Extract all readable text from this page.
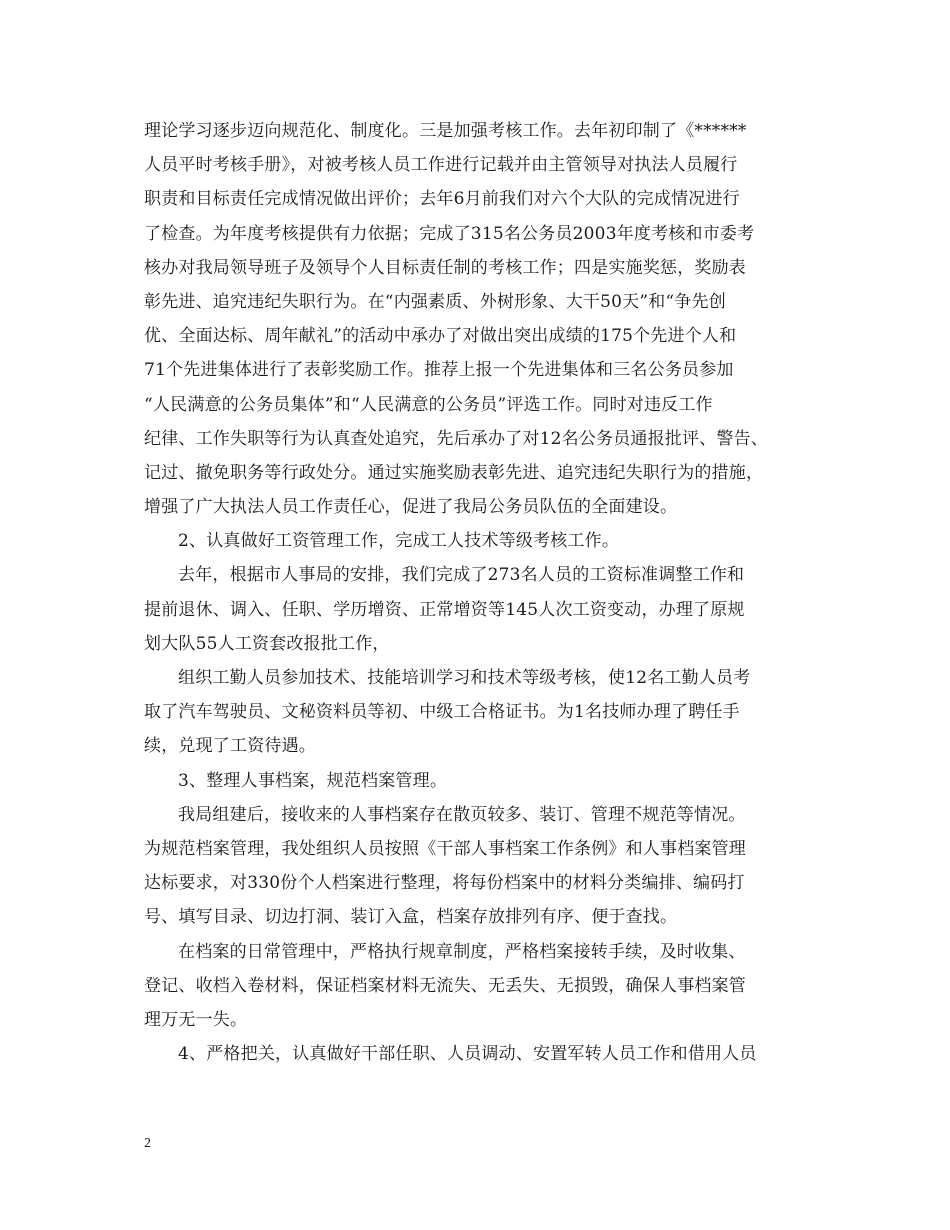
理论学习逐步迈向规范化、制度化。三是加强考核工作。去年初印制了《******
人员平时考核手册》，对被考核人员工作进行记载并由主管领导对执法人员履行
职责和目标责任完成情况做出评价；去年6月前我们对六个大队的完成情况进行
了检查。为年度考核提供有力依据；完成了315名公务员2003年度考核和市委考
核办对我局领导班子及领导个人目标责任制的考核工作；四是实施奖惩，奖励表
彰先进、追究违纪失职行为。在“内强素质、外树形象、大干50天”和“争先创
优、全面达标、周年献礼”的活动中承办了对做出突出成绩的175个先进个人和
71个先进集体进行了表彰奖励工作。推荐上报一个先进集体和三名公务员参加
“人民满意的公务员集体”和“人民满意的公务员”评选工作。同时对违反工作
纪律、工作失职等行为认真查处追究，先后承办了对12名公务员通报批评、警告、
记过、撤免职务等行政处分。通过实施奖励表彰先进、追究违纪失职行为的措施，
增强了广大执法人员工作责任心，促进了我局公务员队伍的全面建设。
2、认真做好工资管理工作，完成工人技术等级考核工作。
去年，根据市人事局的安排，我们完成了273名人员的工资标准调整工作和
提前退休、调入、任职、学历增资、正常增资等145人次工资变动，办理了原规
划大队55人工资套改报批工作，
组织工勤人员参加技术、技能培训学习和技术等级考核，使12名工勤人员考
取了汽车驾驶员、文秘资料员等初、中级工合格证书。为1名技师办理了聘任手
续，兑现了工资待遇。
3、整理人事档案，规范档案管理。
我局组建后，接收来的人事档案存在散页较多、装订、管理不规范等情况。
为规范档案管理，我处组织人员按照《干部人事档案工作条例》和人事档案管理
达标要求，对330份个人档案进行整理，将每份档案中的材料分类编排、编码打
号、填写目录、切边打洞、装订入盒，档案存放排列有序、便于查找。
在档案的日常管理中，严格执行规章制度，严格档案接转手续，及时收集、
登记、收档入卷材料，保证档案材料无流失、无丢失、无损毁，确保人事档案管
理万无一失。
4、严格把关，认真做好干部任职、人员调动、安置军转人员工作和借用人员
2
